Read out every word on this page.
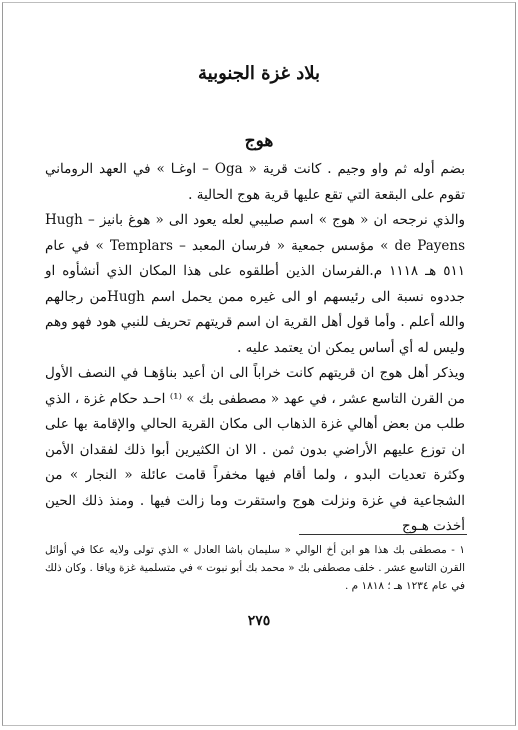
بلاد غزة الجنوبية
هوج

بضم أوله ثم واو وجيم . كانت قرية « Oga – اوغـا » في العهد الروماني تقوم على البقعة التي تقع عليها قرية هوج الحالية .

والذي نرجحه ان « هوج » اسم صليبي لعله يعود الى « هوغ بانيز Hugh – de Payens » مؤسس جمعية « فرسان المعبد – Templars » في عام ٥١١ هـ ١١١٨ م.الفرسان الذين أطلقوه على هذا المكان الذي أنشأوه او جددوه نسبة الى رئيسهم او الى غيره ممن يحمل اسم Hughمن رجالهم والله أعلم . وأما قول أهل القرية ان اسم قريتهم تحريف للنبي هود فهو وهم وليس له أي أساس يمكن ان يعتمد عليه .

ويذكر أهل هوج ان قريتهم كانت خراباً الى ان أعيد بناؤهـا في النصف الأول من القرن التاسع عشر ، في عهد « مصطفى بك » ⁽¹⁾ احـد حكام غزة ، الذي طلب من بعض أهالي غزة الذهاب الى مكان القرية الحالي والإقامة بها على ان توزع عليهم الأراضي بدون ثمن . الا ان الكثيرين أبوا ذلك لفقدان الأمن وكثرة تعديات البدو ، ولما أقام فيها مخفراً قامت عائلة « النجار » من الشجاعية في غزة ونزلت هوج واستقرت وما زالت فيها . ومنذ ذلك الحين أخذت هـوج

١ - مصطفى بك هذا هو ابن أخ الوالي « سليمان باشا العادل » الذي تولى ولايه عكا في أوائل القرن التاسع عشر . خلف مصطفى بك « محمد بك أبو نبوت » في متسلمية غزة ويافا . وكان ذلك في عام ١٢٣٤ هـ ؛ ١٨١٨ م .
٢٧٥
